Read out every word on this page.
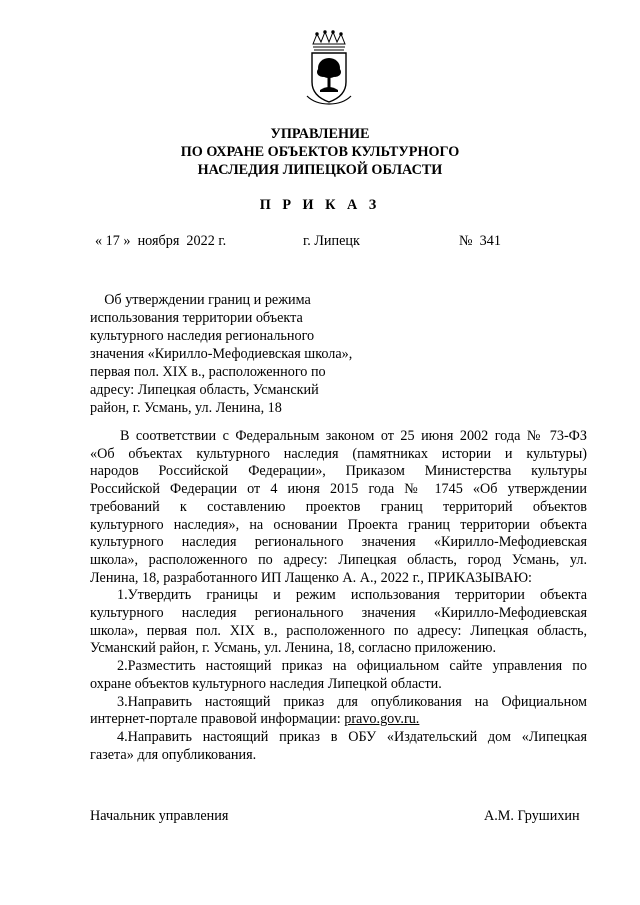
УПРАВЛЕНИЕ
ПО ОХРАНЕ ОБЪЕКТОВ КУЛЬТУРНОГО
НАСЛЕДИЯ ЛИПЕЦКОЙ ОБЛАСТИ
П Р И К А З
« 17 »  ноября  2022 г.	г. Липецк	№  341
Об утверждении границ и режима
использования территории объекта
культурного наследия регионального
значения «Кирилло-Мефодиевская школа»,
первая пол. XIX в., расположенного по
адресу: Липецкая область, Усманский
район, г. Усмань, ул. Ленина, 18
В соответствии с Федеральным законом от 25 июня 2002 года № 73-ФЗ
«Об объектах культурного наследия (памятниках истории и культуры)
народов Российской Федерации», Приказом Министерства культуры
Российской Федерации от 4 июня 2015 года № 1745 «Об утверждении
требований к составлению проектов границ территорий объектов
культурного наследия», на основании Проекта границ территории объекта
культурного наследия регионального значения «Кирилло-Мефодиевская
школа», расположенного по адресу: Липецкая область, город Усмань, ул.
Ленина, 18, разработанного ИП Лащенко А. А., 2022 г., ПРИКАЗЫВАЮ:
1.Утвердить границы и режим использования территории объекта
культурного наследия регионального значения «Кирилло-Мефодиевская
школа», первая пол. XIX в., расположенного по адресу: Липецкая область,
Усманский район, г. Усмань, ул. Ленина, 18, согласно приложению.
2.Разместить настоящий приказ на официальном сайте управления по
охране объектов культурного наследия Липецкой области.
3.Направить настоящий приказ для опубликования на Официальном
интернет-портале правовой информации: pravo.gov.ru.
4.Направить настоящий приказ в ОБУ «Издательский дом «Липецкая
газета» для опубликования.
Начальник управления	А.М. Грушихин
